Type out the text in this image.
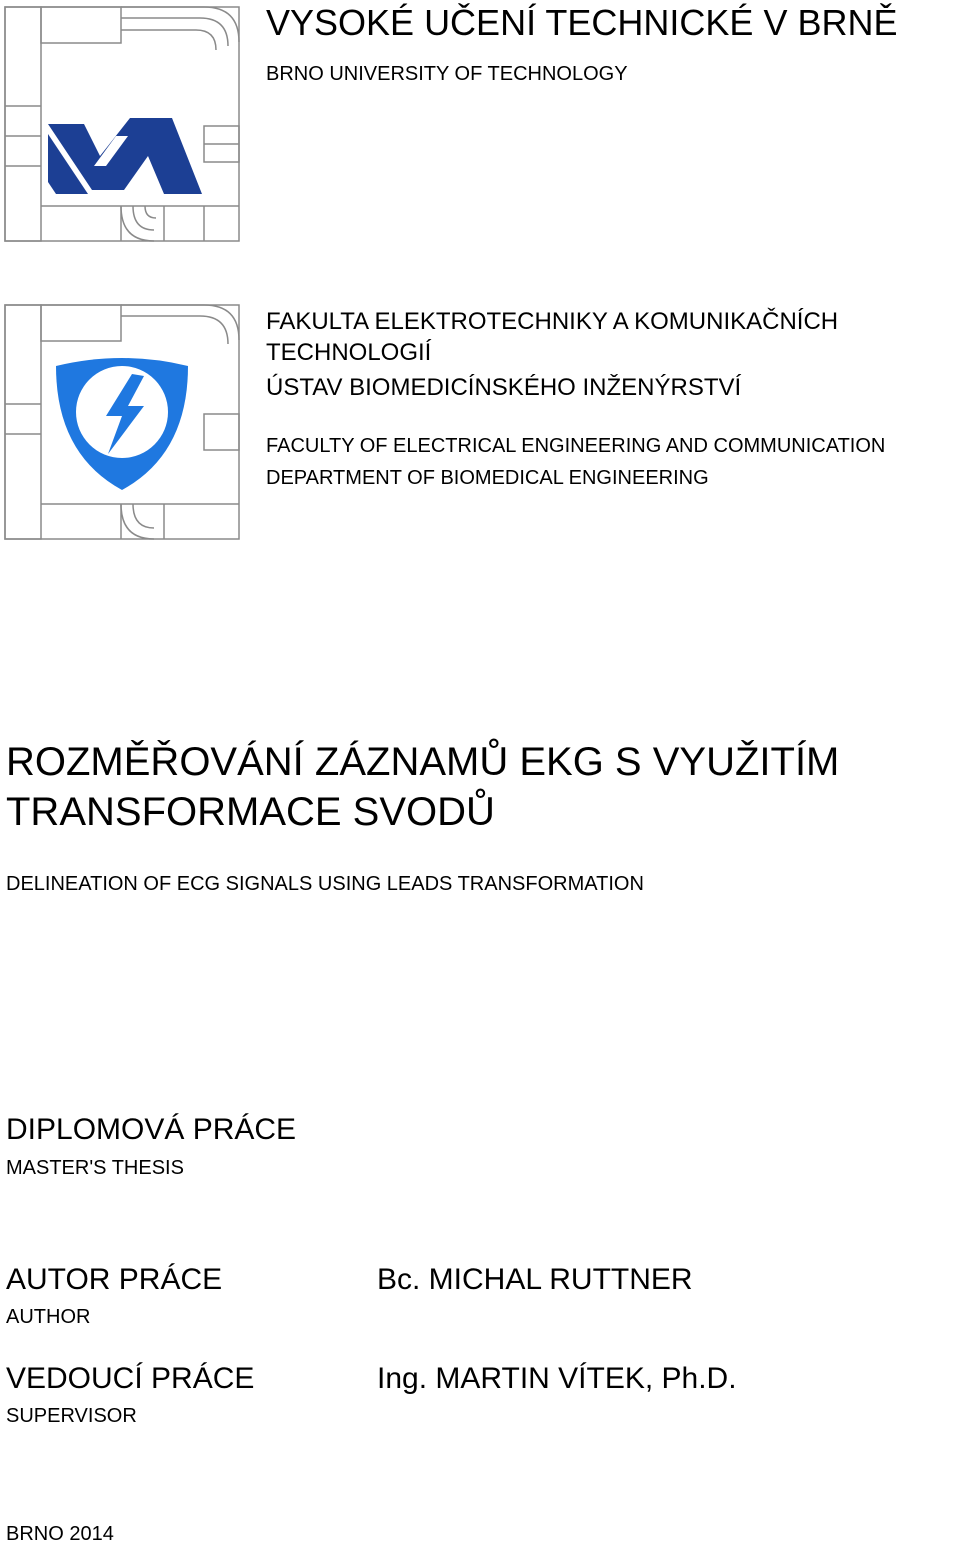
VYSOKÉ UČENÍ TECHNICKÉ V BRNĚ
BRNO UNIVERSITY OF TECHNOLOGY
FAKULTA ELEKTROTECHNIKY A KOMUNIKAČNÍCH TECHNOLOGIÍ
ÚSTAV BIOMEDICÍNSKÉHO INŽENÝRSTVÍ
FACULTY OF ELECTRICAL ENGINEERING AND COMMUNICATION
DEPARTMENT OF BIOMEDICAL ENGINEERING
ROZMĚŘOVÁNÍ ZÁZNAMŮ EKG S VYUŽITÍM TRANSFORMACE SVODŮ
DELINEATION OF ECG SIGNALS USING LEADS TRANSFORMATION
DIPLOMOVÁ PRÁCE
MASTER'S THESIS
AUTOR PRÁCE
AUTHOR
Bc. MICHAL RUTTNER
VEDOUCÍ PRÁCE
SUPERVISOR
Ing. MARTIN VÍTEK, Ph.D.
BRNO 2014
